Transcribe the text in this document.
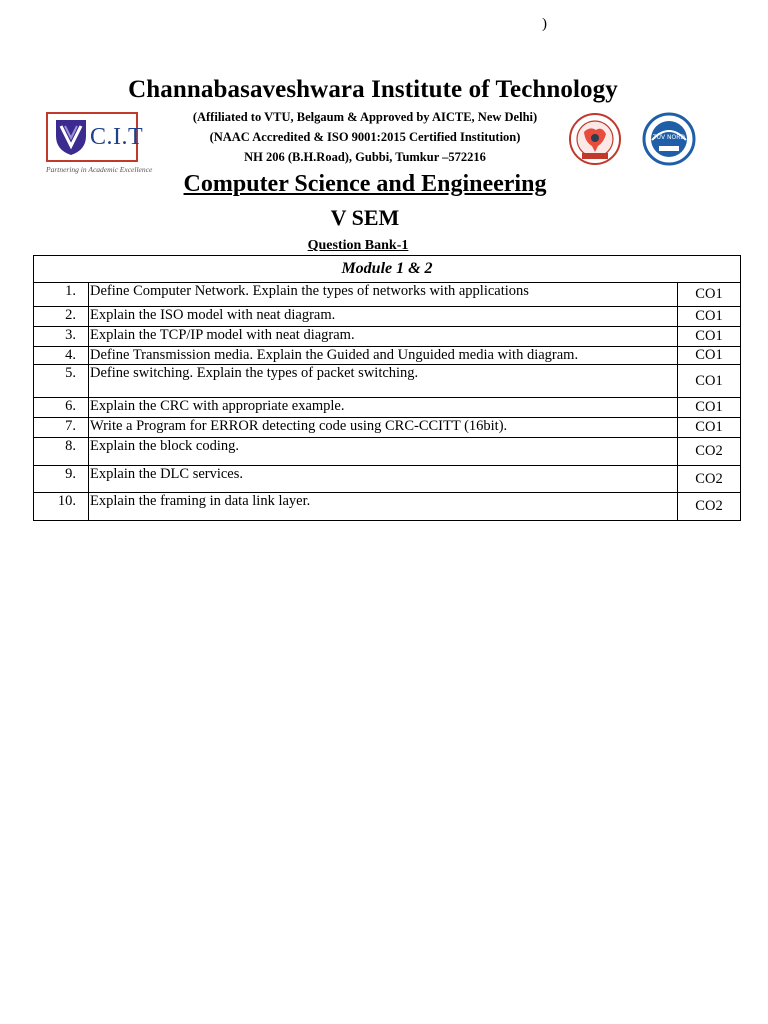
)
Channabasaveshwara Institute of Technology
(Affiliated to VTU, Belgaum & Approved by AICTE, New Delhi)
(NAAC Accredited & ISO 9001:2015 Certified Institution)
NH 206 (B.H.Road), Gubbi, Tumkur –572216
C.I.T
Partnering in Academic Excellence
TÜV NORD
Computer Science and Engineering
V SEM
Question Bank-1
Module 1 & 2		
1.	Define Computer Network. Explain the types of networks with applications	CO1
2.	Explain the ISO model with neat diagram.	CO1
3.	Explain the TCP/IP model with neat diagram.	CO1
4.	Define Transmission media. Explain the Guided and Unguided media with diagram.	CO1
5.	Define switching. Explain the types of packet switching.	CO1
6.	Explain the CRC with appropriate example.	CO1
7.	Write a Program for ERROR detecting code using CRC-CCITT (16bit).	CO1
8.	Explain the block coding.	CO2
9.	Explain the DLC services.	CO2
10.	Explain the framing in data link layer.	CO2
